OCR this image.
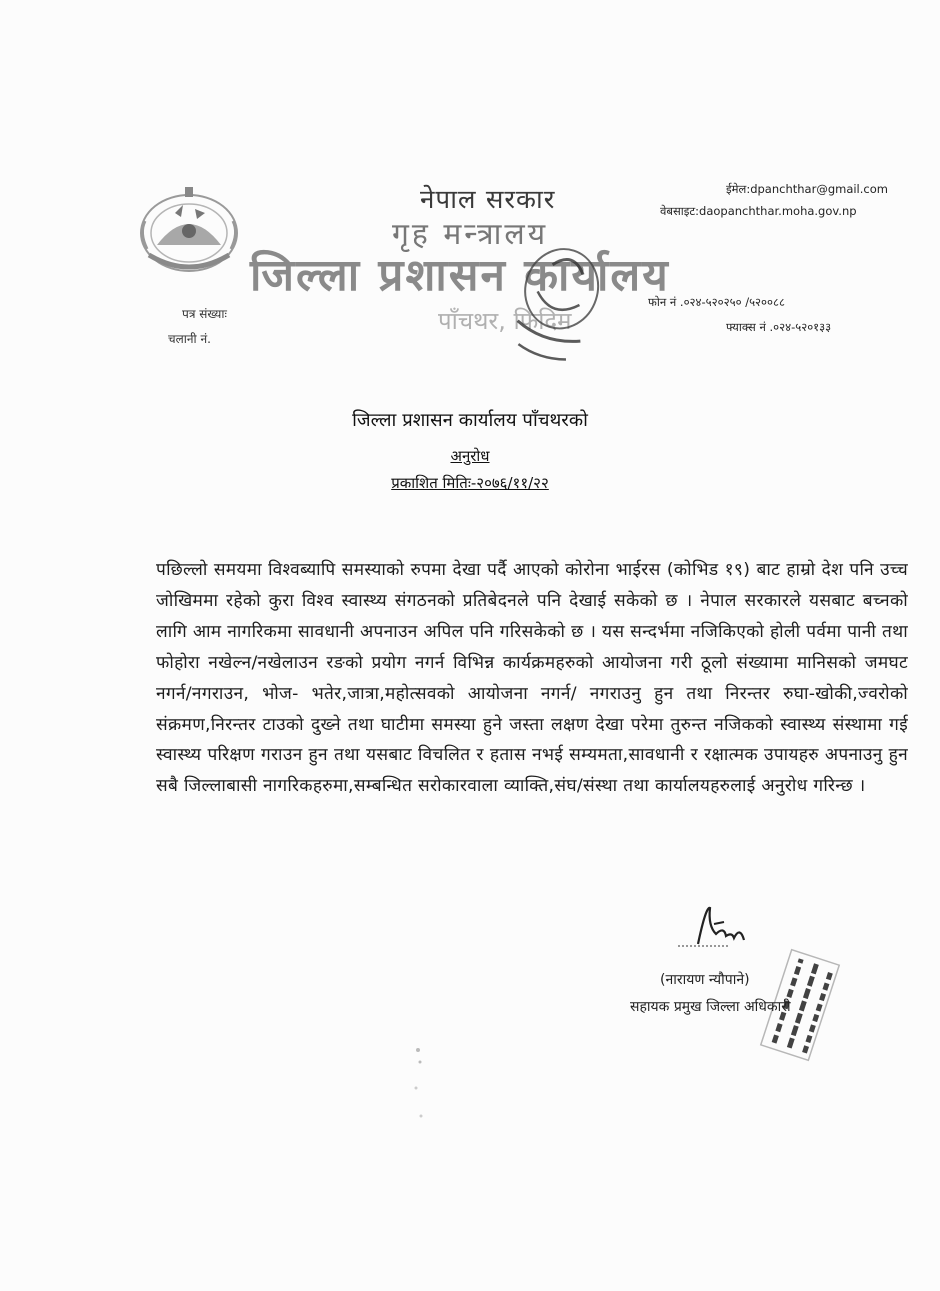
नेपाल सरकार
गृह मन्त्रालय
जिल्ला प्रशासन कार्यालय
पाँचथर, फिदिम
ईमेल:dpanchthar@gmail.com
वेबसाइट:daopanchthar.moha.gov.np
फोन नं .०२४-५२०२५० /५२००८८
फ्याक्स नं .०२४-५२०१३३
पत्र संख्याः
चलानी नं.
जिल्ला प्रशासन कार्यालय पाँचथरको
अनुरोध
प्रकाशित मितिः-२०७६/११/२२
पछिल्लो समयमा विश्वब्यापि समस्याको रुपमा देखा पर्दै आएको कोरोना भाईरस (कोभिड १९) बाट हाम्रो देश पनि उच्च जोखिममा रहेको कुरा विश्व स्वास्थ्य संगठनको प्रतिबेदनले पनि देखाई सकेको छ । नेपाल सरकारले यसबाट बच्नको लागि आम नागरिकमा सावधानी अपनाउन अपिल पनि गरिसकेको छ । यस सन्दर्भमा नजिकिएको होली पर्वमा पानी तथा फोहोरा नखेल्न/नखेलाउन रङको प्रयोग नगर्न विभिन्न कार्यक्रमहरुको आयोजना गरी ठूलो संख्यामा मानिसको जमघट नगर्न/नगराउन, भोज- भतेर,जात्रा,महोत्सवको आयोजना नगर्न/ नगराउनु हुन तथा निरन्तर रुघा-खोकी,ज्वरोको संक्रमण,निरन्तर टाउको दुख्ने तथा घाटीमा समस्या हुने जस्ता लक्षण देखा परेमा तुरुन्त नजिकको स्वास्थ्य संस्थामा गई स्वास्थ्य परिक्षण गराउन हुन तथा यसबाट विचलित र हतास नभई सम्यमता,सावधानी र रक्षात्मक उपायहरु अपनाउनु हुन सबै जिल्लाबासी नागरिकहरुमा,सम्बन्धित सरोकारवाला व्याक्ति,संघ/संस्था तथा कार्यालयहरुलाई अनुरोध गरिन्छ ।
(नारायण न्यौपाने)
सहायक प्रमुख जिल्ला अधिकारी
